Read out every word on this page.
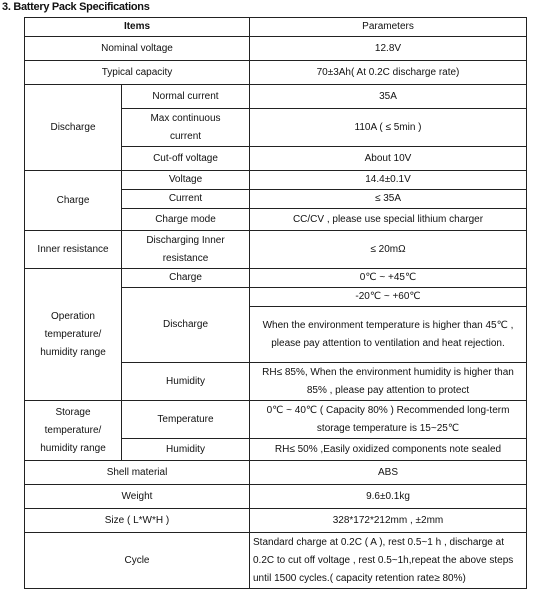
3. Battery Pack Specifications
Items		Parameters
Nominal voltage		12.8V
Typical capacity		70±3Ah( At 0.2C discharge rate)
Discharge	Normal current	35A
	Max continuous current	110A ( ≤ 5min )
	Cut-off voltage	About 10V
Charge	Voltage	14.4±0.1V
	Current	≤ 35A
	Charge mode	CC/CV , please use special lithium charger
Inner resistance	Discharging Inner resistance	≤ 20mΩ
Operation temperature/ humidity range	Charge	0℃ ~ +45℃
	Discharge	-20℃ ~ +60℃
		When the environment temperature is higher than 45℃ , please pay attention to ventilation and heat rejection.
	Humidity	RH≤ 85%, When the environment humidity is higher than 85% , please pay attention to protect

Storage temperature/ humidity range	Temperature	0℃ ~ 40℃ ( Capacity 80% ) Recommended long-term storage temperature is 15~25℃
	Humidity	RH≤ 50% ,Easily oxidized components note sealed
Shell material		ABS
Weight		9.6±0.1kg
Size ( L*W*H )		328*172*212mm , ±2mm
Cycle		Standard charge at 0.2C ( A ), rest 0.5~1 h , discharge at 0.2C to cut off voltage , rest 0.5~1h,repeat the above steps until 1500 cycles.( capacity retention rate≥ 80%)
